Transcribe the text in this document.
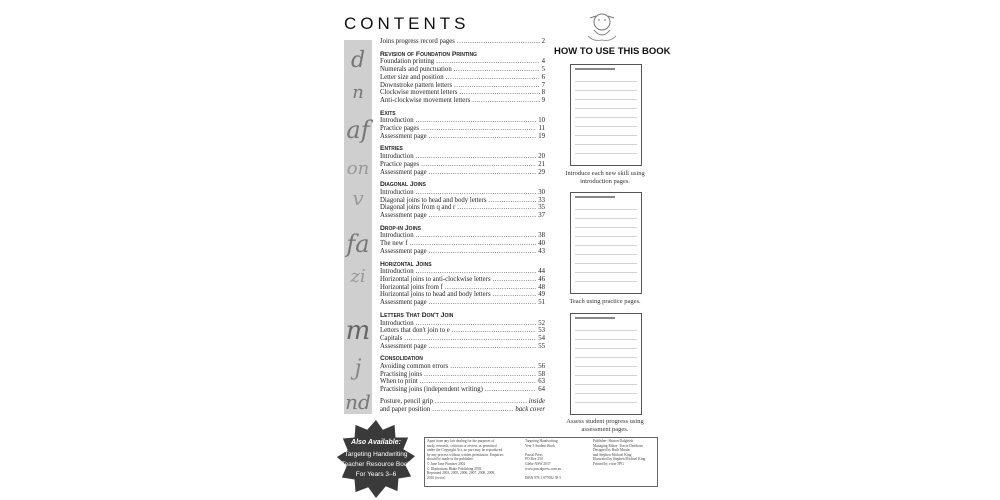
CONTENTS
d
n
af
on
v
fa
zi
m
j
nd
Joins progress record pages .....	2
Revision of Foundation Printing
Foundation printing .....	4
Numerals and punctuation .....	5
Letter size and position .....	6
Downstroke pattern letters .....	7
Clockwise movement letters .....	8
Anti-clockwise movement letters .....	9
Exits
Introduction .....	10
Practice pages .....	11
Assessment page .....	19
Entries
Introduction .....	20
Practice pages .....	21
Assessment page .....	29
Diagonal Joins
Introduction .....	30
Diagonal joins to head and body letters .....	33
Diagonal joins from q and r .....	35
Assessment page .....	37
Drop-in Joins
Introduction .....	38
The new f .....	40
Assessment page .....	43
Horizontal Joins
Introduction .....	44
Horizontal joins to anti-clockwise letters .....	46
Horizontal joins from f .....	48
Horizontal joins to head and body letters .....	49
Assessment page .....	51
Letters That Don't Join
Introduction .....	52
Letters that don't join to e .....	53
Capitals .....	54
Assessment page .....	55
Consolidation
Avoiding common errors .....	56
Practising joins .....	58
When to print .....	63
Practising joins (independent writing) .....	64
Posture, pencil grip .....	inside
and paper position .....	back cover
HOW TO USE THIS BOOK
Introduce each new skill using introduction pages.
Teach using practice pages.
Assess student progress using assessment pages.
Also Available:
Targeting Handwriting
Teacher Resource Book
For Years 3–6
Apart from any fair dealing for the purposes of
study, research, criticism or review, as permitted
under the Copyright Act, no part may be reproduced
by any process without written permission. Enquiries
should be made to the publisher.
© Jane Jane Pinnizer 2002
© Illustrations Blake Publishing 2002
Reprinted 2003, 2005, 2006, 2007, 2008, 2009,
2010 (twice)
Targeting Handwriting
Year 3 Student Book

Pascal Press
PO Box 250
Glebe NSW 2037
www.pascalpress.com.au

ISBN 978 1 877082 38 5
Publisher: Sharon Dalgleish
Managing Editor: Tracie Dearborn
Designed by Ruth Martin
and Stephen Michael King
Illustrated by Stephen Michael King
Printed by vivar TPG
